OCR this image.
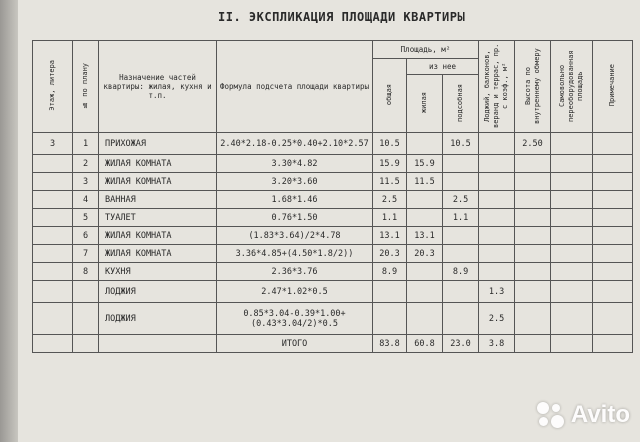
II. ЭКСПЛИКАЦИЯ ПЛОЩАДИ КВАРТИРЫ
Этаж, литера	№ по плану	Назначение частей квартиры: жилая, кухня и т.п.	Формула подсчета площади квартиры	Площадь, м²			Лоджий, балконов, веранд и террас, пр. с коэф., м²	Высота по внутреннему обмеру	Самовольно переоборудованная площадь	Примечание
				общая	из нее					
					жилая	подсобная				
3	1	ПРИХОЖАЯ	2.40*2.18-0.25*0.40+2.10*2.57	10.5		10.5		2.50		
	2	ЖИЛАЯ КОМНАТА	3.30*4.82	15.9	15.9					
	3	ЖИЛАЯ КОМНАТА	3.20*3.60	11.5	11.5					
	4	ВАННАЯ	1.68*1.46	2.5		2.5				
	5	ТУАЛЕТ	0.76*1.50	1.1		1.1				
	6	ЖИЛАЯ КОМНАТА	(1.83*3.64)/2*4.78	13.1	13.1					
	7	ЖИЛАЯ КОМНАТА	3.36*4.85+(4.50*1.8/2))	20.3	20.3					
	8	КУХНЯ	2.36*3.76	8.9		8.9				
		ЛОДЖИЯ	2.47*1.02*0.5				1.3			
		ЛОДЖИЯ	0.85*3.04-0.39*1.00+(0.43*3.04/2)*0.5				2.5			
			ИТОГО	83.8	60.8	23.0	3.8			
Avito
